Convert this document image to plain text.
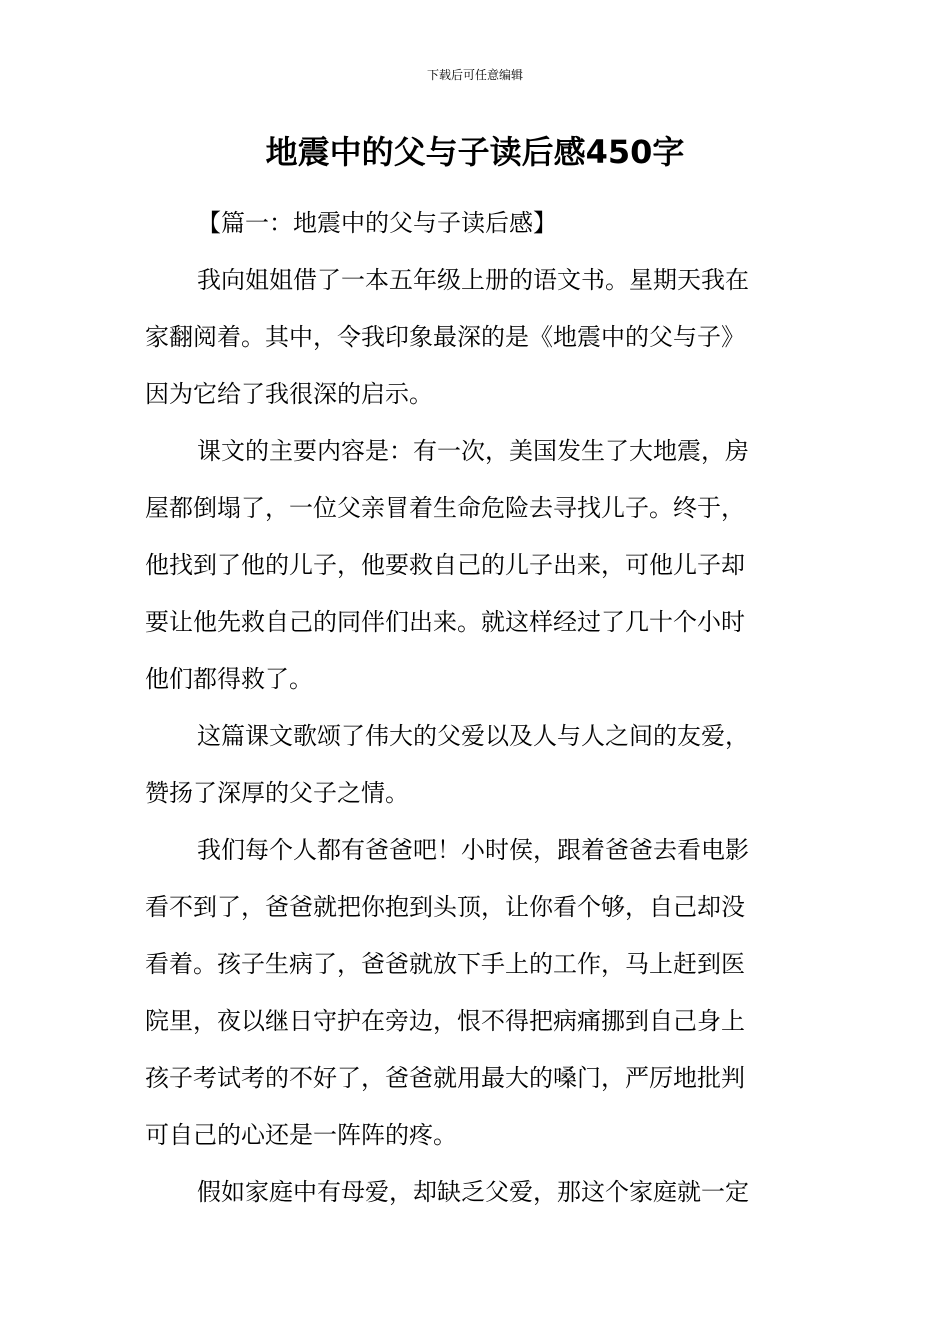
下载后可任意编辑
地震中的父与子读后感450字
【篇一：地震中的父与子读后感】
我向姐姐借了一本五年级上册的语文书。星期天我在
家翻阅着。其中，令我印象最深的是《地震中的父与子》
因为它给了我很深的启示。
课文的主要内容是：有一次，美国发生了大地震，房
屋都倒塌了，一位父亲冒着生命危险去寻找儿子。终于，
他找到了他的儿子，他要救自己的儿子出来，可他儿子却
要让他先救自己的同伴们出来。就这样经过了几十个小时
他们都得救了。
这篇课文歌颂了伟大的父爱以及人与人之间的友爱，
赞扬了深厚的父子之情。
我们每个人都有爸爸吧！小时侯，跟着爸爸去看电影
看不到了，爸爸就把你抱到头顶，让你看个够，自己却没
看着。孩子生病了，爸爸就放下手上的工作，马上赶到医
院里，夜以继日守护在旁边，恨不得把病痛挪到自己身上
孩子考试考的不好了，爸爸就用最大的嗓门，严厉地批判
可自己的心还是一阵阵的疼。
假如家庭中有母爱，却缺乏父爱，那这个家庭就一定
